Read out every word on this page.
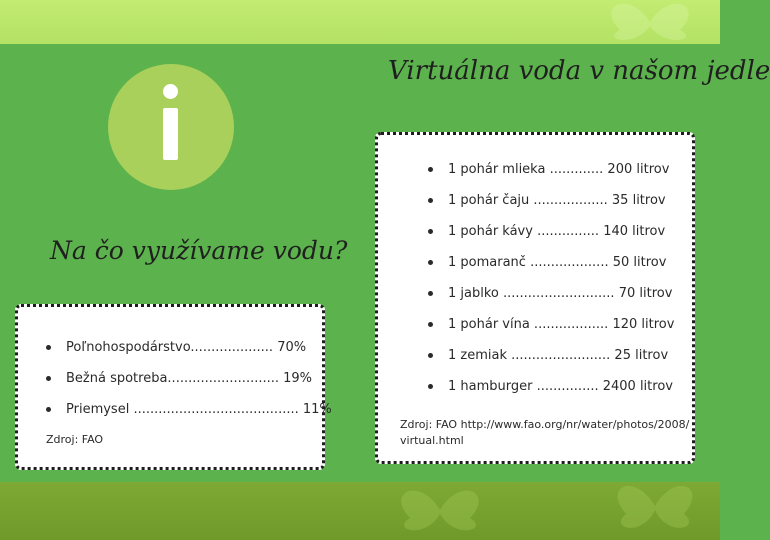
Na čo využívame vodu?
Virtuálna voda v našom jedle
Poľnohospodárstvo.................... 70%
Bežná spotreba........................... 19%
Priemysel ........................................ 11%
Zdroj: FAO
1 pohár mlieka ............. 200 litrov
1 pohár čaju .................. 35 litrov
1 pohár kávy ............... 140 litrov
1 pomaranč ................... 50 litrov
1 jablko ........................... 70 litrov
1 pohár vína .................. 120 litrov
1 zemiak ........................ 25 litrov
1 hamburger ............... 2400 litrov
Zdroj: FAO http://www.fao.org/nr/water/photos/2008/ virtual.html
